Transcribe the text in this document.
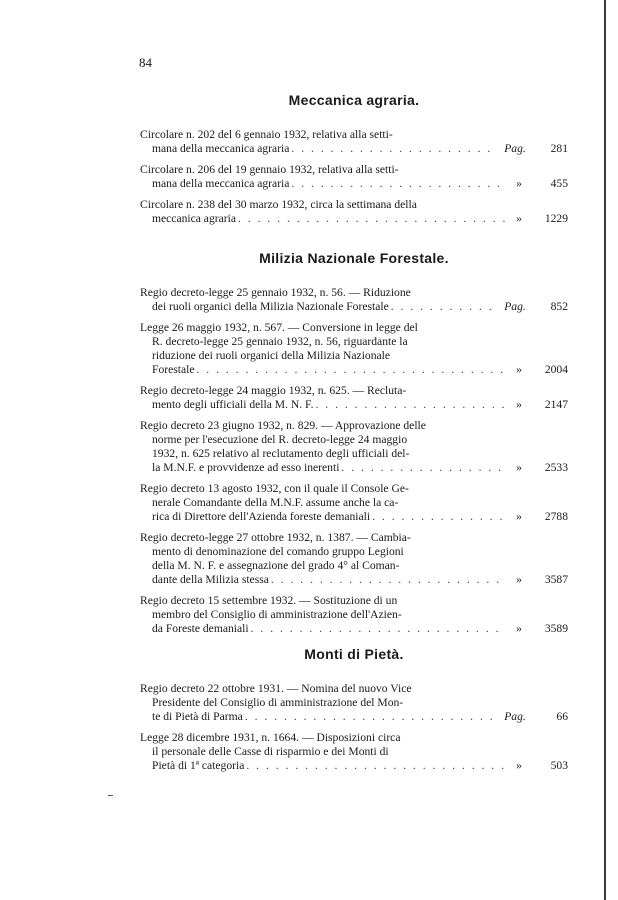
84
Meccanica agraria.
Circolare n. 202 del 6 gennaio 1932, relativa alla setti-
mana della meccanica agraria . . .	Pag.	281
Circolare n. 206 del 19 gennaio 1932, relativa alla setti-
mana della meccanica agraria . . .	»	455
Circolare n. 238 del 30 marzo 1932, circa la settimana della
meccanica agraria . . .	»	1229
Milizia Nazionale Forestale.
Regio decreto-legge 25 gennaio 1932, n. 56. — Riduzione
dei ruoli organici della Milizia Nazionale Forestale . . .	Pag.	852
Legge 26 maggio 1932, n. 567. — Conversione in legge del
R. decreto-legge 25 gennaio 1932, n. 56, riguardante la
riduzione dei ruoli organici della Milizia Nazionale
Forestale . . .	»	2004
Regio decreto-legge 24 maggio 1932, n. 625. — Recluta-
mento degli ufficiali della M. N. F. . . .	»	2147
Regio decreto 23 giugno 1932, n. 829. — Approvazione delle
norme per l'esecuzione del R. decreto-legge 24 maggio
1932, n. 625 relativo al reclutamento degli ufficiali del-
la M.N.F. e provvidenze ad esso inerenti . . .	»	2533
Regio decreto 13 agosto 1932, con il quale il Console Ge-
nerale Comandante della M.N.F. assume anche la ca-
rica di Direttore dell'Azienda foreste demaniali . . .	»	2788
Regio decreto-legge 27 ottobre 1932, n. 1387. — Cambia-
mento di denominazione del comando gruppo Legioni
della M. N. F. e assegnazione del grado 4° al Coman-
dante della Milizia stessa . . .	»	3587
Regio decreto 15 settembre 1932. — Sostituzione di un
membro del Consiglio di amministrazione dell'Azien-
da Foreste demaniali . . .	»	3589
Monti di Pietà.
Regio decreto 22 ottobre 1931. — Nomina del nuovo Vice
Presidente del Consiglio di amministrazione del Mon-
te di Pietà di Parma . . .	Pag.	66
Legge 28 dicembre 1931, n. 1664. — Disposizioni circa
il personale delle Casse di risparmio e dei Monti di
Pietà di 1ª categoria . . .	»	503
